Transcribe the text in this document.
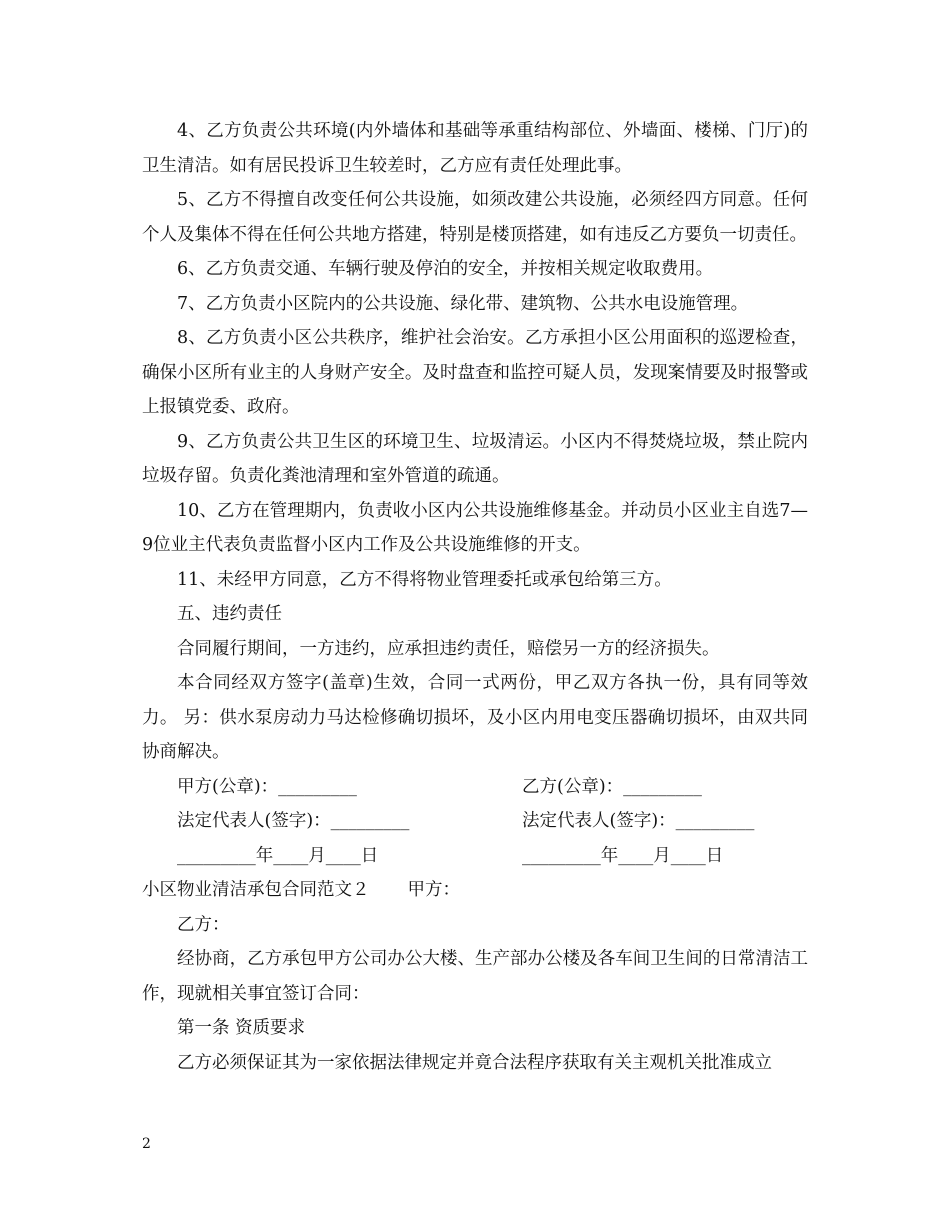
4、乙方负责公共环境(内外墙体和基础等承重结构部位、外墙面、楼梯、门厅)的卫生清洁。如有居民投诉卫生较差时，乙方应有责任处理此事。

5、乙方不得擅自改变任何公共设施，如须改建公共设施，必须经四方同意。任何个人及集体不得在任何公共地方搭建，特别是楼顶搭建，如有违反乙方要负一切责任。

6、乙方负责交通、车辆行驶及停泊的安全，并按相关规定收取费用。

7、乙方负责小区院内的公共设施、绿化带、建筑物、公共水电设施管理。

8、乙方负责小区公共秩序，维护社会治安。乙方承担小区公用面积的巡逻检查，确保小区所有业主的人身财产安全。及时盘查和监控可疑人员，发现案情要及时报警或上报镇党委、政府。

9、乙方负责公共卫生区的环境卫生、垃圾清运。小区内不得焚烧垃圾，禁止院内垃圾存留。负责化粪池清理和室外管道的疏通。

10、乙方在管理期内，负责收小区内公共设施维修基金。并动员小区业主自选7—9位业主代表负责监督小区内工作及公共设施维修的开支。

11、未经甲方同意，乙方不得将物业管理委托或承包给第三方。

五、违约责任

合同履行期间，一方违约，应承担违约责任，赔偿另一方的经济损失。

本合同经双方签字(盖章)生效，合同一式两份，甲乙双方各执一份，具有同等效力。 另：供水泵房动力马达检修确切损坏，及小区内用电变压器确切损坏，由双共同协商解决。

甲方(公章)：_________	乙方(公章)：_________
法定代表人(签字)：_________	法定代表人(签字)：_________
_________年____月____日	_________年____月____日

小区物业清洁承包合同范文２ 甲方：

乙方：

经协商，乙方承包甲方公司办公大楼、生产部办公楼及各车间卫生间的日常清洁工作，现就相关事宜签订合同：

第一条 资质要求

乙方必须保证其为一家依据法律规定并竟合法程序获取有关主观机关批准成立

2
